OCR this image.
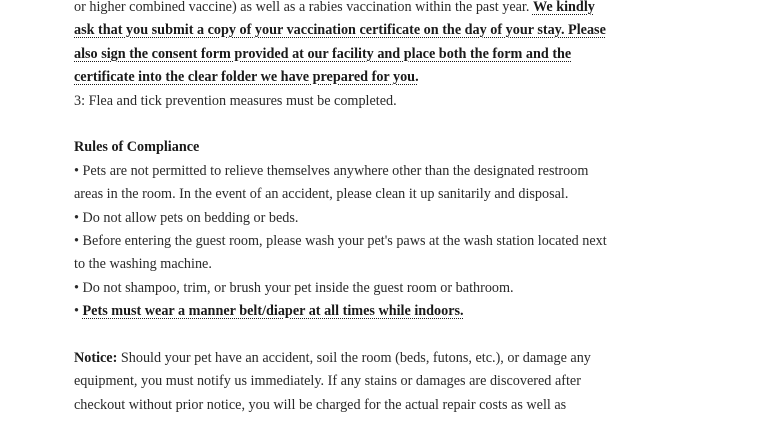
or higher combined vaccine) as well as a rabies vaccination within the past year. We kindly
ask that you submit a copy of your vaccination certificate on the day of your stay. Please
also sign the consent form provided at our facility and place both the form and the
certificate into the clear folder we have prepared for you.
3: Flea and tick prevention measures must be completed.
Rules of Compliance
• Pets are not permitted to relieve themselves anywhere other than the designated restroom
areas in the room. In the event of an accident, please clean it up sanitarily and disposal.
• Do not allow pets on bedding or beds.
• Before entering the guest room, please wash your pet's paws at the wash station located next
to the washing machine.
• Do not shampoo, trim, or brush your pet inside the guest room or bathroom.
• Pets must wear a manner belt/diaper at all times while indoors.
Notice: Should your pet have an accident, soil the room (beds, futons, etc.), or damage any
equipment, you must notify us immediately. If any stains or damages are discovered after
checkout without prior notice, you will be charged for the actual repair costs as well as
